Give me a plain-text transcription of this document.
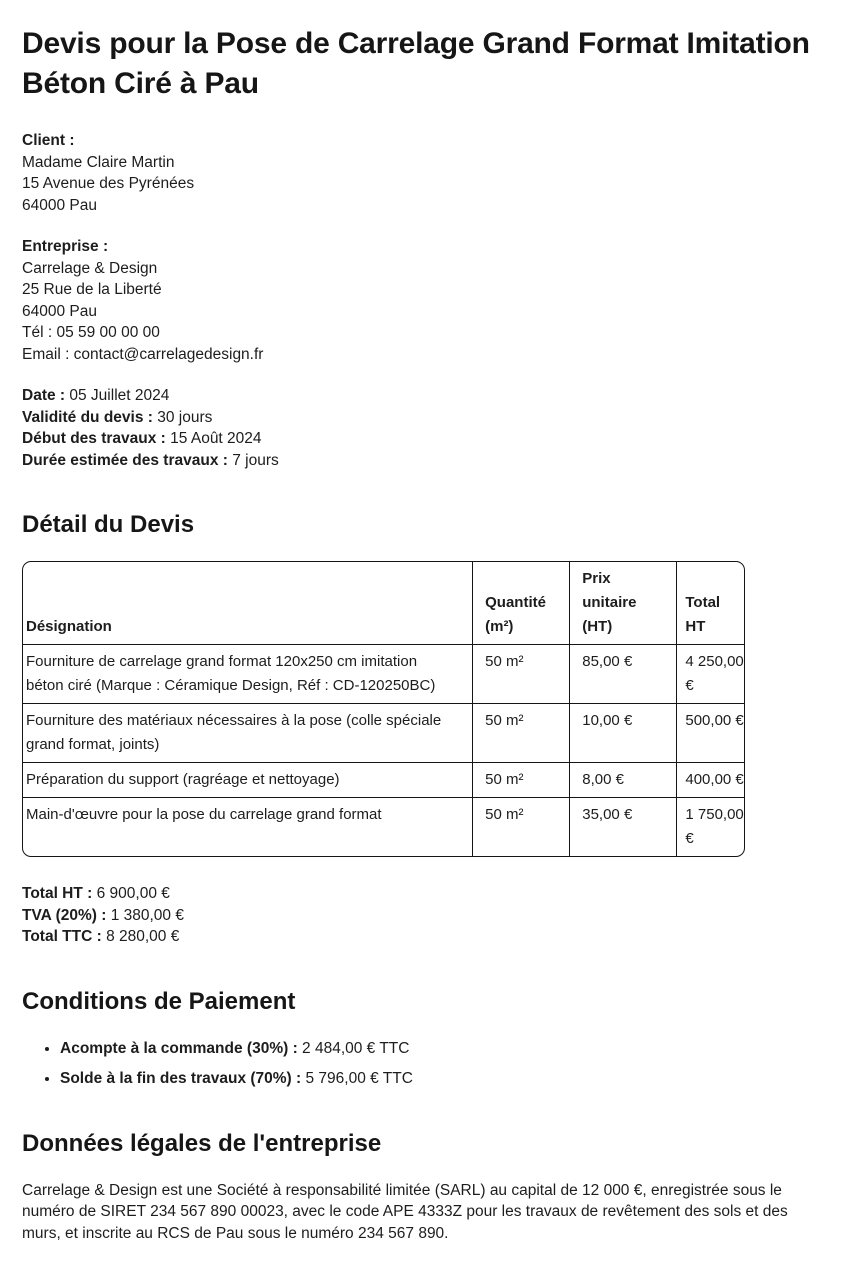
Devis pour la Pose de Carrelage Grand Format Imitation Béton Ciré à Pau
Client :
Madame Claire Martin
15 Avenue des Pyrénées
64000 Pau
Entreprise :
Carrelage & Design
25 Rue de la Liberté
64000 Pau
Tél : 05 59 00 00 00
Email : contact@carrelagedesign.fr
Date : 05 Juillet 2024
Validité du devis : 30 jours
Début des travaux : 15 Août 2024
Durée estimée des travaux : 7 jours
Détail du Devis
Désignation	Quantité (m²)	Prix unitaire (HT)	Total HT
Fourniture de carrelage grand format 120x250 cm imitation béton ciré (Marque : Céramique Design, Réf : CD-120250BC)	50 m²	85,00 €	4 250,00 €
Fourniture des matériaux nécessaires à la pose (colle spéciale grand format, joints)	50 m²	10,00 €	500,00 €
Préparation du support (ragréage et nettoyage)	50 m²	8,00 €	400,00 €
Main-d'œuvre pour la pose du carrelage grand format	50 m²	35,00 €	1 750,00 €
Total HT : 6 900,00 €
TVA (20%) : 1 380,00 €
Total TTC : 8 280,00 €
Conditions de Paiement
• Acompte à la commande (30%) : 2 484,00 € TTC
• Solde à la fin des travaux (70%) : 5 796,00 € TTC
Données légales de l'entreprise

Carrelage & Design est une Société à responsabilité limitée (SARL) au capital de 12 000 €, enregistrée sous le numéro de SIRET 234 567 890 00023, avec le code APE 4333Z pour les travaux de revêtement des sols et des murs, et inscrite au RCS de Pau sous le numéro 234 567 890.
